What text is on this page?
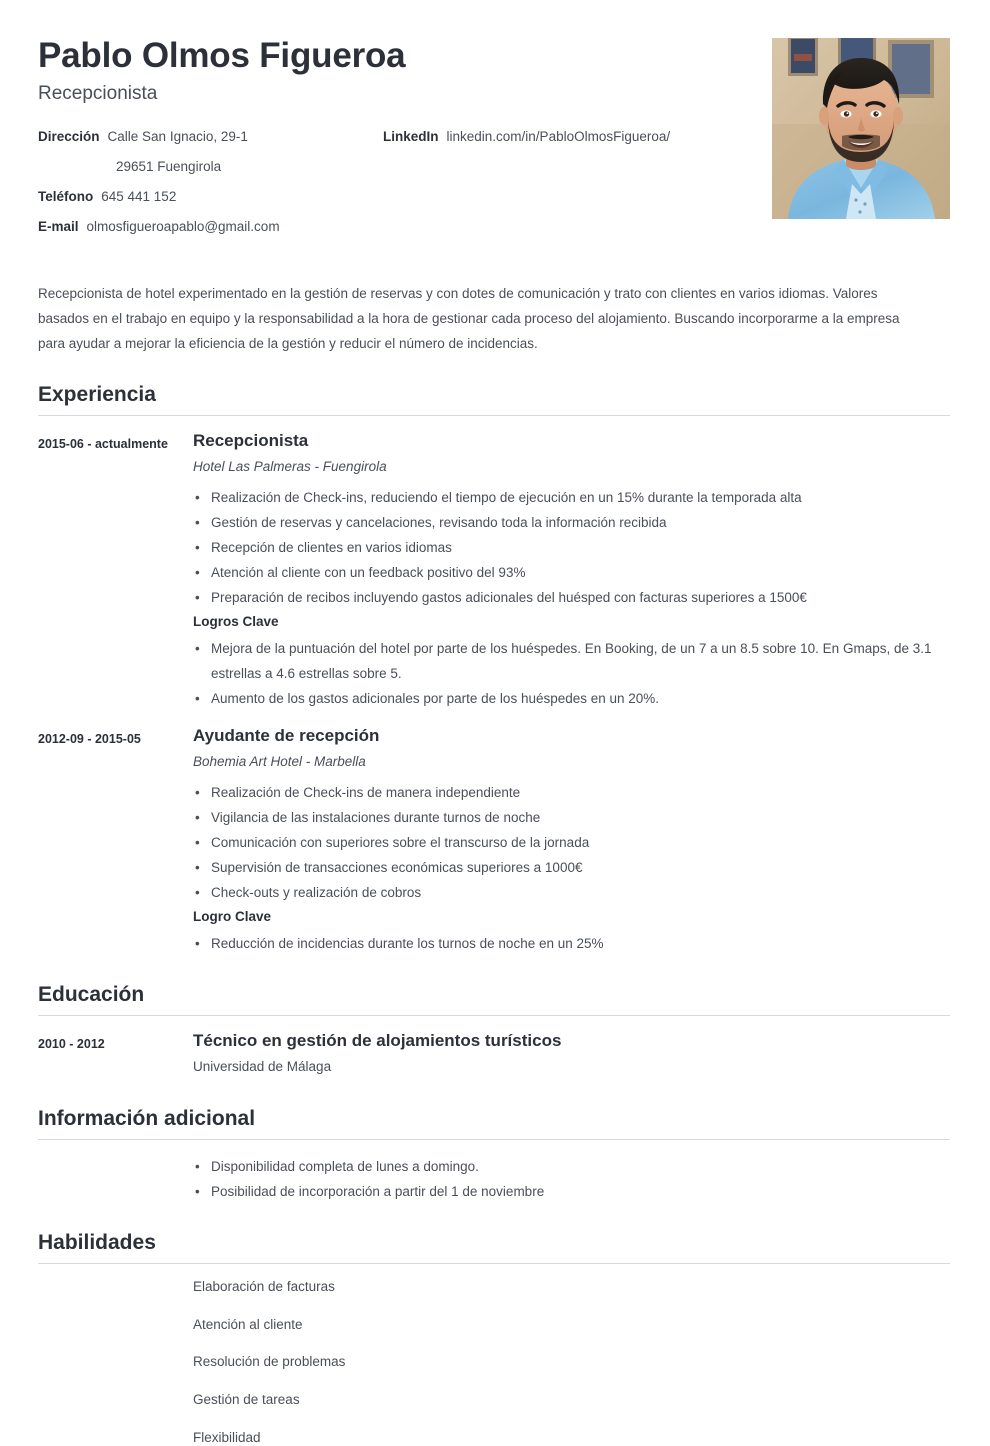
Pablo Olmos Figueroa
Recepcionista
Dirección Calle San Ignacio, 29-1
29651 Fuengirola
Teléfono 645 441 152
E-mail olmosfigueroapablo@gmail.com
LinkedIn linkedin.com/in/PabloOlmosFigueroa/

Recepcionista de hotel experimentado en la gestión de reservas y con dotes de comunicación y trato con clientes en varios idiomas. Valores basados en el trabajo en equipo y la responsabilidad a la hora de gestionar cada proceso del alojamiento. Buscando incorporarme a la empresa para ayudar a mejorar la eficiencia de la gestión y reducir el número de incidencias.

Experiencia
2015-06 - actualmente	Recepcionista
Hotel Las Palmeras - Fuengirola
• Realización de Check-ins, reduciendo el tiempo de ejecución en un 15% durante la temporada alta
• Gestión de reservas y cancelaciones, revisando toda la información recibida
• Recepción de clientes en varios idiomas
• Atención al cliente con un feedback positivo del 93%
• Preparación de recibos incluyendo gastos adicionales del huésped con facturas superiores a 1500€
Logros Clave
• Mejora de la puntuación del hotel por parte de los huéspedes. En Booking, de un 7 a un 8.5 sobre 10. En Gmaps, de 3.1 estrellas a 4.6 estrellas sobre 5.
• Aumento de los gastos adicionales por parte de los huéspedes en un 20%.
2012-09 - 2015-05	Ayudante de recepción
Bohemia Art Hotel - Marbella
• Realización de Check-ins de manera independiente
• Vigilancia de las instalaciones durante turnos de noche
• Comunicación con superiores sobre el transcurso de la jornada
• Supervisión de transacciones económicas superiores a 1000€
• Check-outs y realización de cobros
Logro Clave
• Reducción de incidencias durante los turnos de noche en un 25%
Educación
2010 - 2012	Técnico en gestión de alojamientos turísticos
Universidad de Málaga
Información adicional
• Disponibilidad completa de lunes a domingo.
• Posibilidad de incorporación a partir del 1 de noviembre
Habilidades
Elaboración de facturas
Atención al cliente
Resolución de problemas
Gestión de tareas
Flexibilidad
